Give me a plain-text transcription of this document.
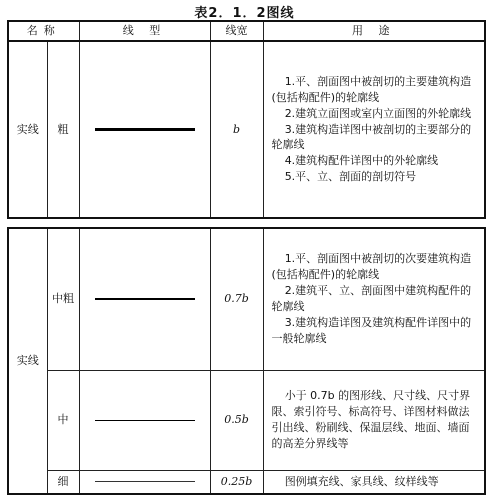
表2．1．2图线
名称		线 型	线宽	用 途
实线	粗		b	1.平、剖面图中被剖切的主要建筑构造(包括构配件)的轮廓线
2.建筑立面图或室内立面图的外轮廓线
3.建筑构造详图中被剖切的主要部分的轮廓线
4.建筑构配件详图中的外轮廓线
5.平、立、剖面的剖切符号
实线	中粗		0.7b	1.平、剖面图中被剖切的次要建筑构造(包括构配件)的轮廓线
2.建筑平、立、剖面图中建筑构配件的轮廓线
3.建筑构造详图及建筑构配件详图中的一般轮廓线

	中		0.5b	小于 0.7b 的图形线、尺寸线、尺寸界限、索引符号、标高符号、详图材料做法引出线、粉刷线、保温层线、地面、墙面的高差分界线等

	细		0.25b	图例填充线、家具线、纹样线等
